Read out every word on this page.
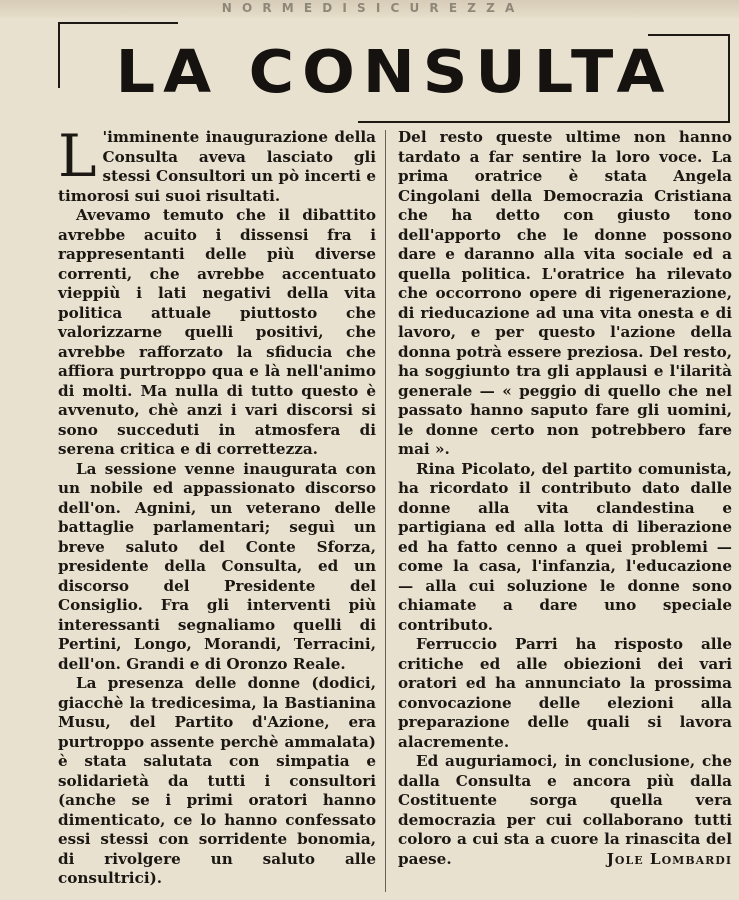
N O R M E D I S I C U R E Z Z A
LA CONSULTA

L 'imminente inaugurazione della Consulta aveva lasciato gli stessi Consultori un pò incerti e timorosi sui suoi risultati.

Avevamo temuto che il dibattito avrebbe acuito i dissensi fra i rappresentanti delle più diverse correnti, che avrebbe accentuato vieppiù i lati negativi della vita politica attuale piuttosto che valorizzarne quelli positivi, che avrebbe rafforzato la sfiducia che affiora purtroppo qua e là nell'animo di molti. Ma nulla di tutto questo è avvenuto, chè anzi i vari discorsi si sono succeduti in atmosfera di serena critica e di correttezza.

La sessione venne inaugurata con un nobile ed appassionato discorso dell'on. Agnini, un veterano delle battaglie parlamentari; seguì un breve saluto del Conte Sforza, presidente della Consulta, ed un discorso del Presidente del Consiglio. Fra gli interventi più interessanti segnaliamo quelli di Pertini, Longo, Morandi, Terracini, dell'on. Grandi e di Oronzo Reale.

La presenza delle donne (dodici, giacchè la tredicesima, la Bastianina Musu, del Partito d'Azione, era purtroppo assente perchè ammalata) è stata salutata con simpatia e solidarietà da tutti i consultori (anche se i primi oratori hanno dimenticato, ce lo hanno confessato essi stessi con sorridente bonomia, di rivolgere un saluto alle consultrici).

Del resto queste ultime non hanno tardato a far sentire la loro voce. La prima oratrice è stata Angela Cingolani della Democrazia Cristiana che ha detto con giusto tono dell'apporto che le donne possono dare e daranno alla vita sociale ed a quella politica. L'oratrice ha rilevato che occorrono opere di rigenerazione, di rieducazione ad una vita onesta e di lavoro, e per questo l'azione della donna potrà essere preziosa. Del resto, ha soggiunto tra gli applausi e l'ilarità generale — « peggio di quello che nel passato hanno saputo fare gli uomini, le donne certo non potrebbero fare mai ».

Rina Picolato, del partito comunista, ha ricordato il contributo dato dalle donne alla vita clandestina e partigiana ed alla lotta di liberazione ed ha fatto cenno a quei problemi — come la casa, l'infanzia, l'educazione — alla cui soluzione le donne sono chiamate a dare uno speciale contributo.

Ferruccio Parri ha risposto alle critiche ed alle obiezioni dei vari oratori ed ha annunciato la prossima convocazione delle elezioni alla preparazione delle quali si lavora alacremente.

Ed auguriamoci, in conclusione, che dalla Consulta e ancora più dalla Costituente sorga quella vera democrazia per cui collaborano tutti coloro a cui sta a cuore la rinascita del paese.	Jole Lombardi
